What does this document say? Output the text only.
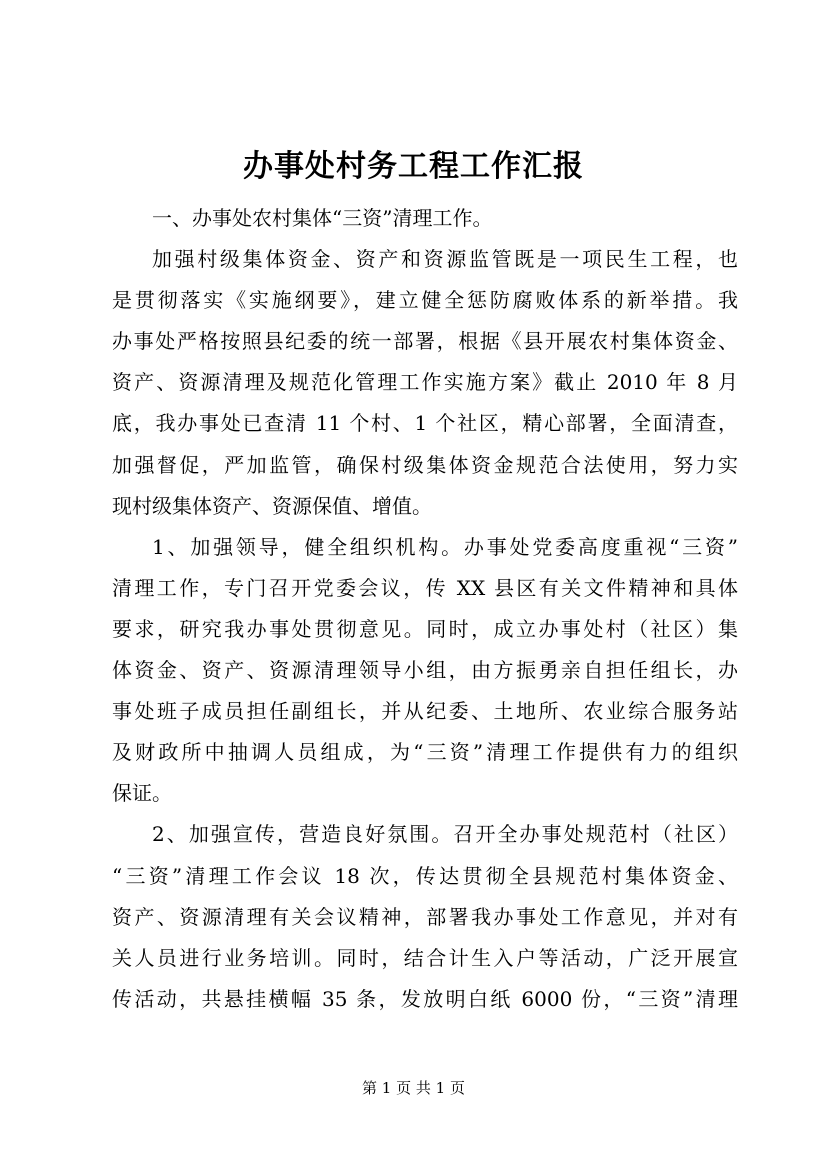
办事处村务工程工作汇报
一、办事处农村集体“三资”清理工作。
加强村级集体资金、资产和资源监管既是一项民生工程，也
是贯彻落实《实施纲要》，建立健全惩防腐败体系的新举措。我
办事处严格按照县纪委的统一部署，根据《县开展农村集体资金、
资产、资源清理及规范化管理工作实施方案》截止 2010 年 8 月
底，我办事处已查清 11 个村、1 个社区，精心部署，全面清查，
加强督促，严加监管，确保村级集体资金规范合法使用，努力实
现村级集体资产、资源保值、增值。
1、加强领导，健全组织机构。办事处党委高度重视“三资”
清理工作，专门召开党委会议，传 XX 县区有关文件精神和具体
要求，研究我办事处贯彻意见。同时，成立办事处村（社区）集
体资金、资产、资源清理领导小组，由方振勇亲自担任组长，办
事处班子成员担任副组长，并从纪委、土地所、农业综合服务站
及财政所中抽调人员组成，为“三资”清理工作提供有力的组织
保证。
2、加强宣传，营造良好氛围。召开全办事处规范村（社区）
“三资”清理工作会议 18 次，传达贯彻全县规范村集体资金、
资产、资源清理有关会议精神，部署我办事处工作意见，并对有
关人员进行业务培训。同时，结合计生入户等活动，广泛开展宣
传活动，共悬挂横幅 35 条，发放明白纸 6000 份，“三资”清理
第 1 页 共 1 页
